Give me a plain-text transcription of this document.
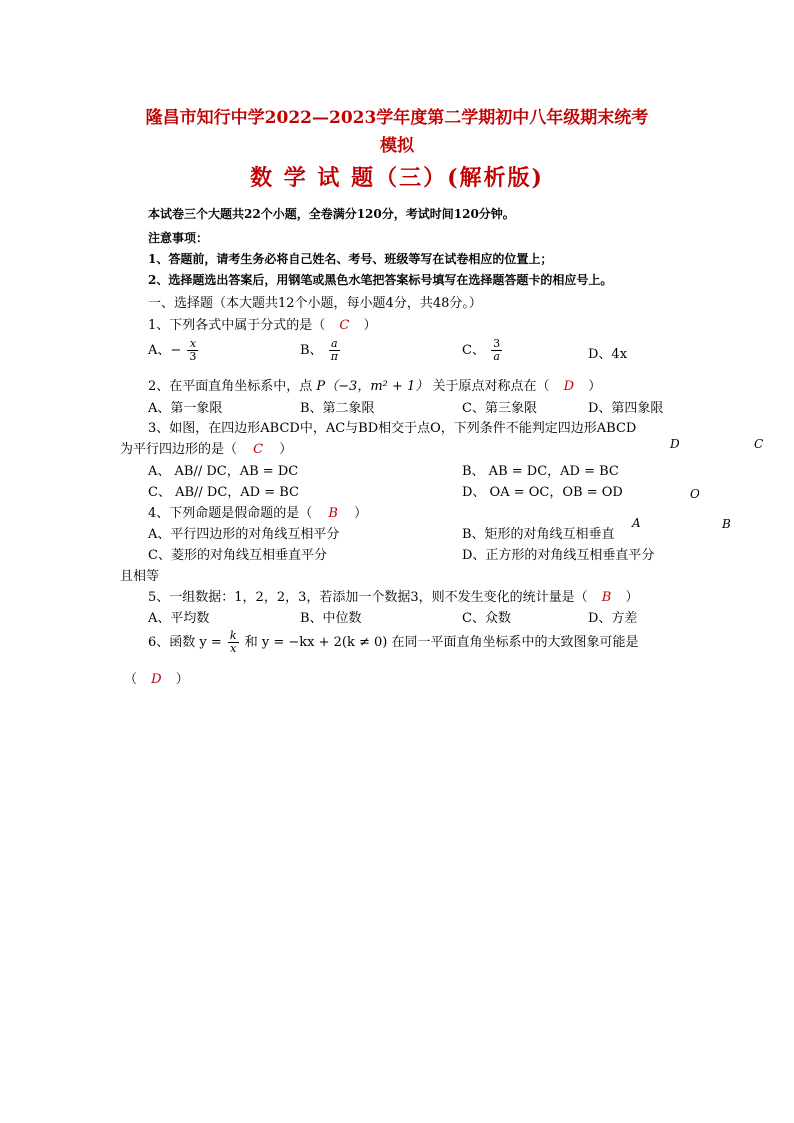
隆昌市知行中学2022—2023学年度第二学期初中八年级期末统考
模拟
数 学 试 题（三）(解析版)
本试卷三个大题共22个小题，全卷满分120分，考试时间120分钟。
注意事项：
1、答题前，请考生务必将自己姓名、考号、班级等写在试卷相应的位置上；
2、选择题选出答案后，用钢笔或黑色水笔把答案标号填写在选择题答题卡的相应号上。
一、选择题（本大题共12个小题，每小题4分，共48分。）
1、下列各式中属于分式的是（ C ）
A、− $\frac{x}{3}$	B、 $\frac{a}{\pi}$	C、 $\frac{3}{a}$	D、4x
2、在平面直角坐标系中，点 P（−3，m² + 1） 关于原点对称点在（ D ）
A、第一象限	B、第二象限	C、第三象限	D、第四象限
3、如图，在四边形ABCD中，AC与BD相交于点O，下列条件不能判定四边形ABCD
为平行四边形的是（ C ）
A、 AB// DC，AB = DC	B、 AB = DC，AD = BC
C、 AB// DC，AD = BC	D、 OA = OC，OB = OD
D	C
O
A	B
4、下列命题是假命题的是（ B ）
A、平行四边形的对角线互相平分	B、矩形的对角线互相垂直
C、菱形的对角线互相垂直平分	D、正方形的对角线互相垂直平分
且相等
5、一组数据：1，2，2，3，若添加一个数据3，则不发生变化的统计量是（ B ）
A、平均数	B、中位数	C、众数	D、方差
6、函数 $y = \frac{k}{x}$ 和 y = −kx + 2(k ≠ 0) 在同一平面直角坐标系中的大致图象可能是
（ D ）
